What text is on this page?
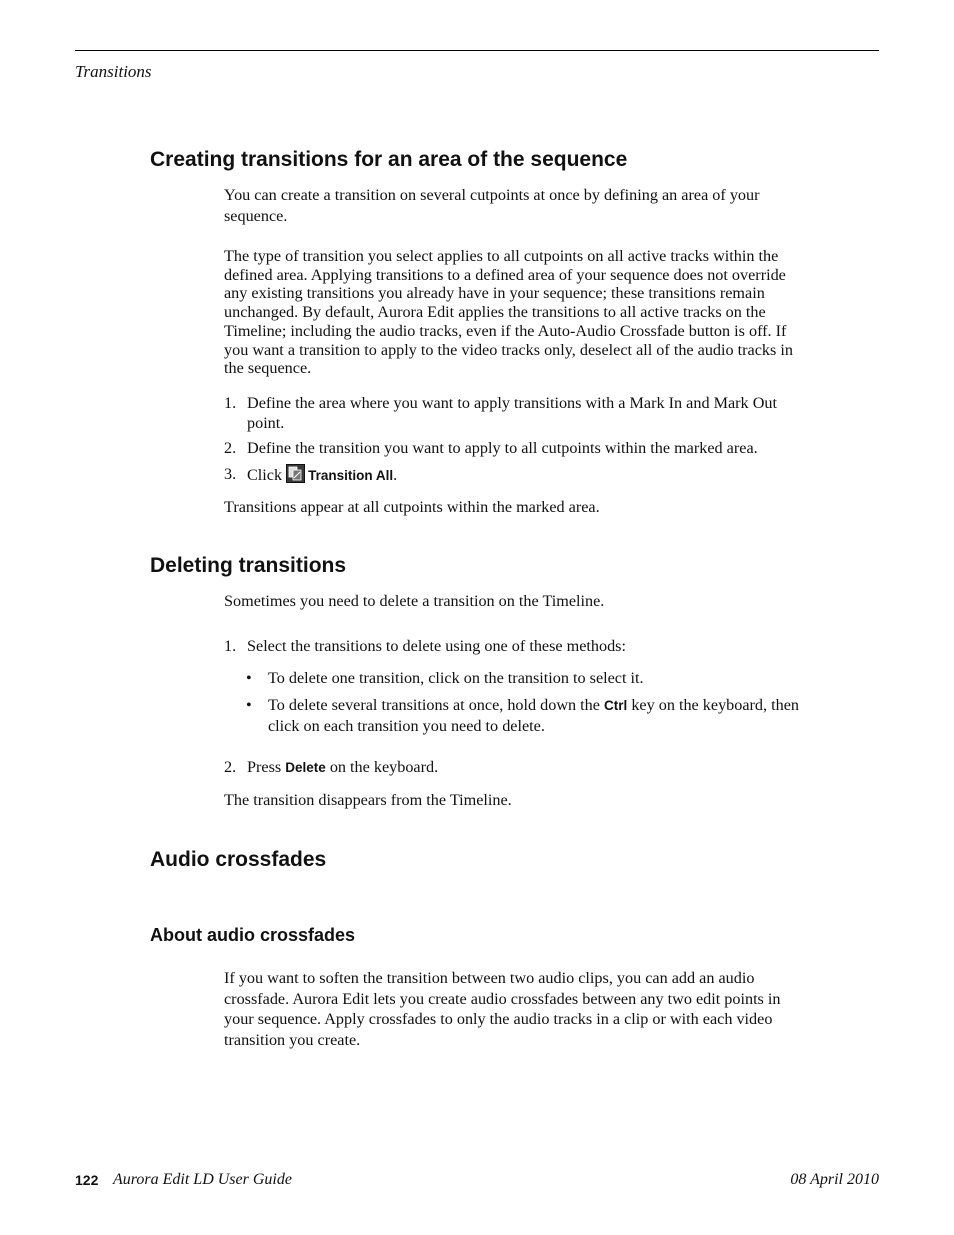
Transitions
Creating transitions for an area of the sequence
You can create a transition on several cutpoints at once by defining an area of your sequence.
The type of transition you select applies to all cutpoints on all active tracks within the defined area. Applying transitions to a defined area of your sequence does not override any existing transitions you already have in your sequence; these transitions remain unchanged. By default, Aurora Edit applies the transitions to all active tracks on the Timeline; including the audio tracks, even if the Auto-Audio Crossfade button is off. If you want a transition to apply to the video tracks only, deselect all of the audio tracks in the sequence.
1. Define the area where you want to apply transitions with a Mark In and Mark Out point.
2. Define the transition you want to apply to all cutpoints within the marked area.
3. Click Transition All.
Transitions appear at all cutpoints within the marked area.
Deleting transitions
Sometimes you need to delete a transition on the Timeline.
1. Select the transitions to delete using one of these methods:
• To delete one transition, click on the transition to select it.
• To delete several transitions at once, hold down the Ctrl key on the keyboard, then click on each transition you need to delete.
2. Press Delete on the keyboard.
The transition disappears from the Timeline.
Audio crossfades
About audio crossfades
If you want to soften the transition between two audio clips, you can add an audio crossfade. Aurora Edit lets you create audio crossfades between any two edit points in your sequence. Apply crossfades to only the audio tracks in a clip or with each video transition you create.
122 Aurora Edit LD User Guide	08 April 2010
